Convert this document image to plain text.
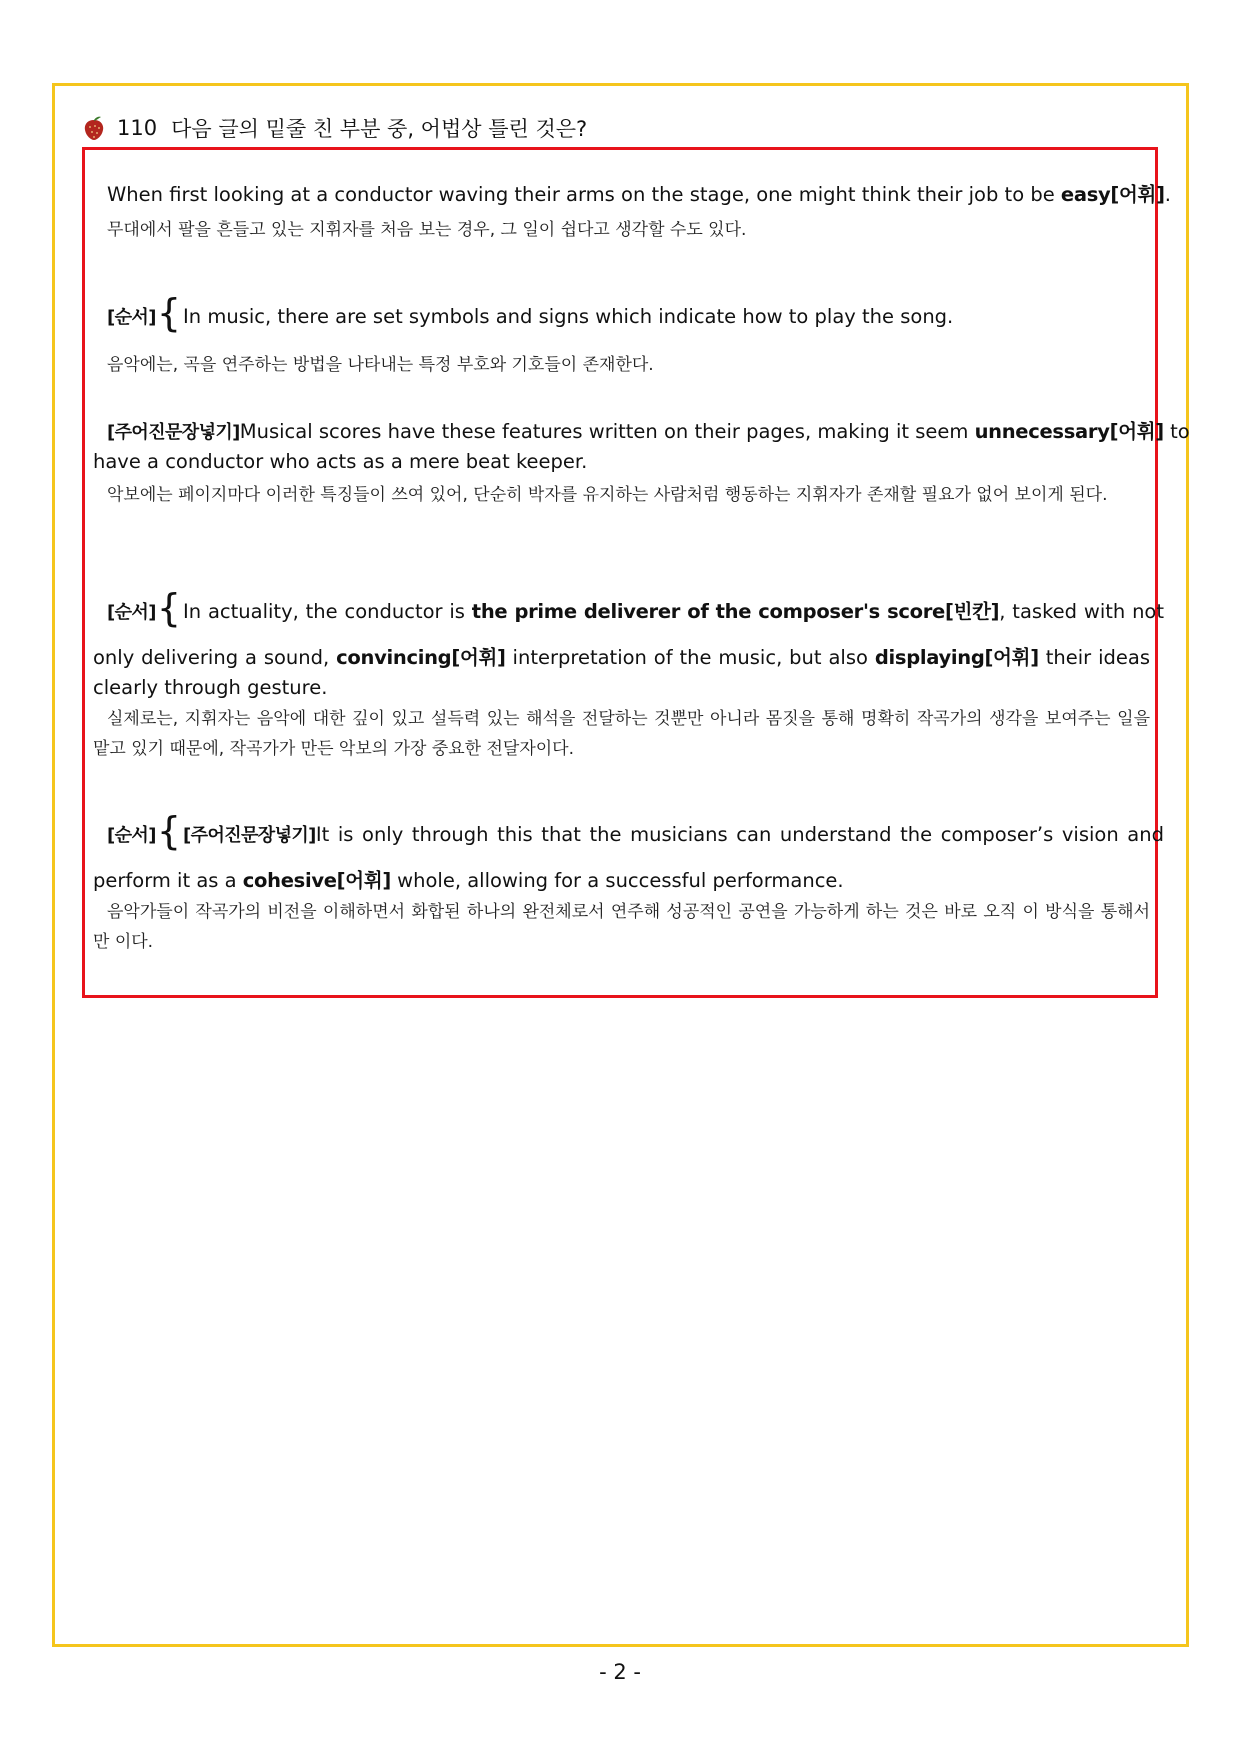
110 다음 글의 밑줄 친 부분 중, 어법상 틀린 것은?
When first looking at a conductor waving their arms on the stage, one might think their job to be easy[어휘].
무대에서 팔을 흔들고 있는 지휘자를 처음 보는 경우, 그 일이 쉽다고 생각할 수도 있다.
[순서]{ In music, there are set symbols and signs which indicate how to play the song.
음악에는, 곡을 연주하는 방법을 나타내는 특정 부호와 기호들이 존재한다.
[주어진문장넣기]Musical scores have these features written on their pages, making it seem unnecessary[어휘] to
have a conductor who acts as a mere beat keeper.
악보에는 페이지마다 이러한 특징들이 쓰여 있어, 단순히 박자를 유지하는 사람처럼 행동하는 지휘자가 존재할 필요가 없어 보이게 된다.
[순서]{ In actuality, the conductor is the prime deliverer of the composer's score[빈칸], tasked with not
only delivering a sound, convincing[어휘] interpretation of the music, but also displaying[어휘] their ideas
clearly through gesture.
실제로는, 지휘자는 음악에 대한 깊이 있고 설득력 있는 해석을 전달하는 것뿐만 아니라 몸짓을 통해 명확히 작곡가의 생각을 보여주는 일을 맡고 있기 때문에, 작곡가가 만든 악보의 가장 중요한 전달자이다.
[순서]{ [주어진문장넣기]It is only through this that the musicians can understand the composer’s vision and
perform it as a cohesive[어휘] whole, allowing for a successful performance.
음악가들이 작곡가의 비전을 이해하면서 화합된 하나의 완전체로서 연주해 성공적인 공연을 가능하게 하는 것은 바로 오직 이 방식을 통해서만 이다.
- 2 -
